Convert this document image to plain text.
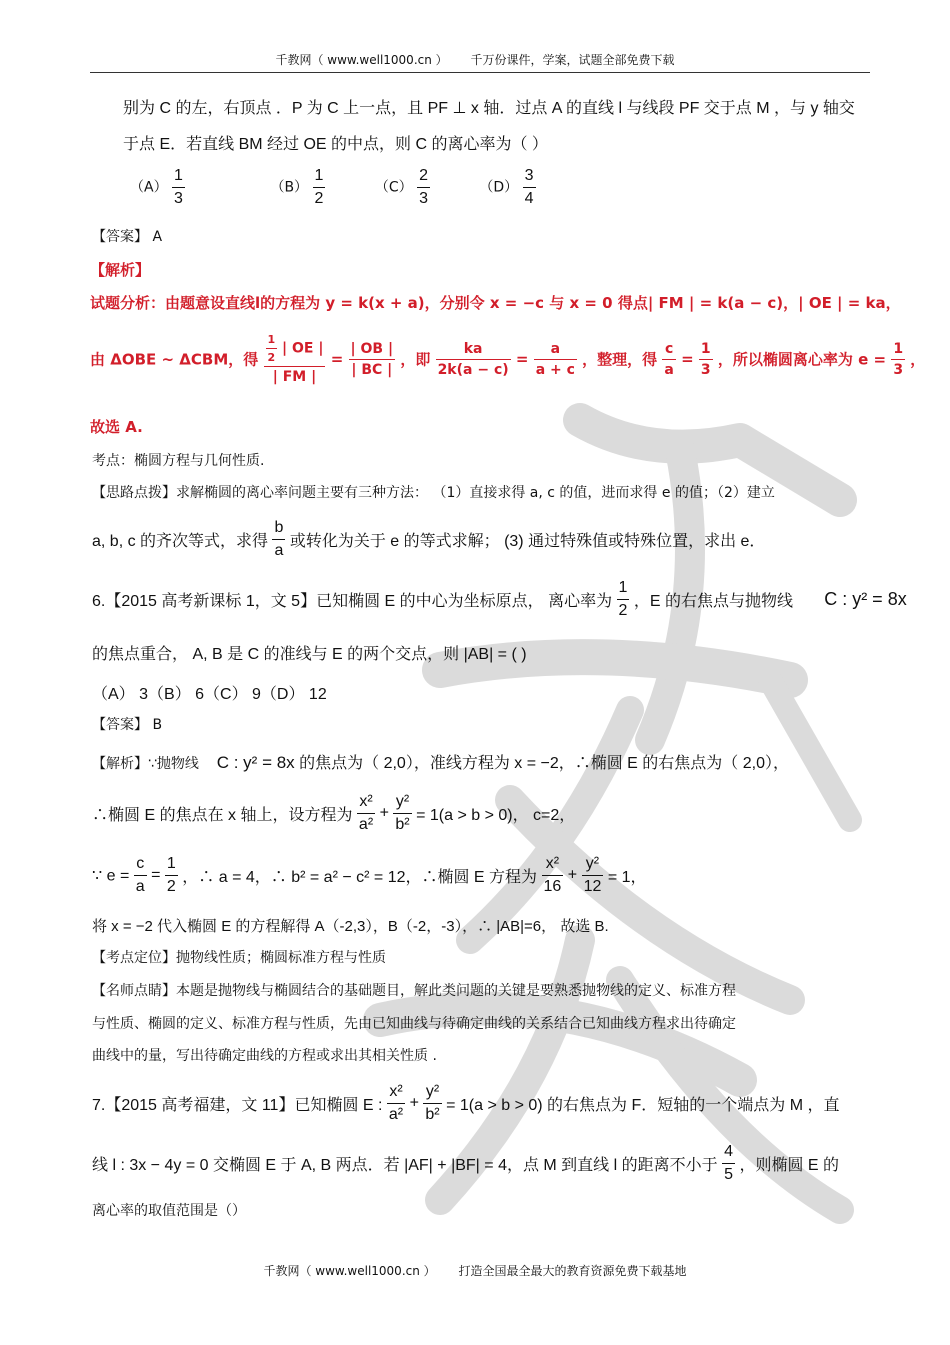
千教网（ www.well1000.cn ） 千万份课件，学案，试题全部免费下载
别为 C 的左，右顶点 ．P 为 C 上一点，且 PF ⊥ x 轴．过点 A 的直线 l 与线段 PF 交于点 M ，与 y 轴交
于点 E．若直线 BM 经过 OE 的中点，则 C 的离心率为（ ）
$(A) \frac{1}{3}$	$(B) \frac{1}{2}$	$(C) \frac{2}{3}$	$(D) \frac{3}{4}$
【答案】 A
【解析】
试题分析：由题意设直线l的方程为 y = k(x + a)，分别令 x = −c 与 x = 0 得点| FM | = k(a − c)，| OE | = ka，
由 ΔOBE ~ ΔCBM，得 $\frac{\frac{1}{2} | OE |}{| FM |} = \frac{| OB |}{| BC |}$ ，即 $\frac{ka}{2k(a - c)} = \frac{a}{a + c}$ ，整理，得 $\frac{c}{a} = \frac{1}{3}$ ，所以椭圆离心率为 $e = \frac{1}{3}$ ，
故选 A.
考点：椭圆方程与几何性质.
【思路点拨】求解椭圆的离心率问题主要有三种方法： （1）直接求得 a, c 的值，进而求得 e 的值；（2）建立
a, b, c 的齐次等式，求得 $\frac{b}{a}$ 或转化为关于 e 的等式求解； (3) 通过特殊值或特殊位置，求出 e．
6.【2015 高考新课标 1，文 5】已知椭圆 E 的中心为坐标原点， 离心率为 $\frac{1}{2}$ ，E 的右焦点与抛物线 C : y² = 8x
的焦点重合， A, B 是 C 的准线与 E 的两个交点，则 |AB| = ( )
（A） 3（B） 6（C） 9（D） 12
【答案】 B
【解析】∵抛物线 C : y² = 8x 的焦点为（ 2,0），准线方程为 x = −2，∴椭圆 E 的右焦点为（ 2,0），
∴椭圆 E 的焦点在 x 轴上，设方程为 $\frac{\text{x²}}{\text{a²}} + \frac{\text{y²}}{\text{b²}} = 1(a > b > 0)$， c=2，
∵ $e = \frac{c}{a} = \frac{1}{2}$ ，∴ a = 4，∴ b² = a² − c² = 12，∴椭圆 E 方程为 $\frac{\text{x²}}{16} + \frac{\text{y²}}{12} = 1$，
将 x = −2 代入椭圆 E 的方程解得 A（-2,3），B（-2，-3），∴ |AB|=6， 故选 B.
【考点定位】抛物线性质；椭圆标准方程与性质
【名师点睛】本题是抛物线与椭圆结合的基础题目，解此类问题的关键是要熟悉抛物线的定义、标准方程
与性质、椭圆的定义、标准方程与性质，先由已知曲线与待确定曲线的关系结合已知曲线方程求出待确定
曲线中的量，写出待确定曲线的方程或求出其相关性质 .
7.【2015 高考福建，文 11】已知椭圆 E : $\frac{\text{x²}}{\text{a²}} + \frac{\text{y²}}{\text{b²}} = 1(a > b > 0)$ 的右焦点为 F．短轴的一个端点为 M ，直
线 l : 3x − 4y = 0 交椭圆 E 于 A, B 两点．若 |AF| + |BF| = 4，点 M 到直线 l 的距离不小于 $\frac{4}{5}$ ，则椭圆 E 的
离心率的取值范围是（）
千教网（ www.well1000.cn ） 打造全国最全最大的教育资源免费下载基地
